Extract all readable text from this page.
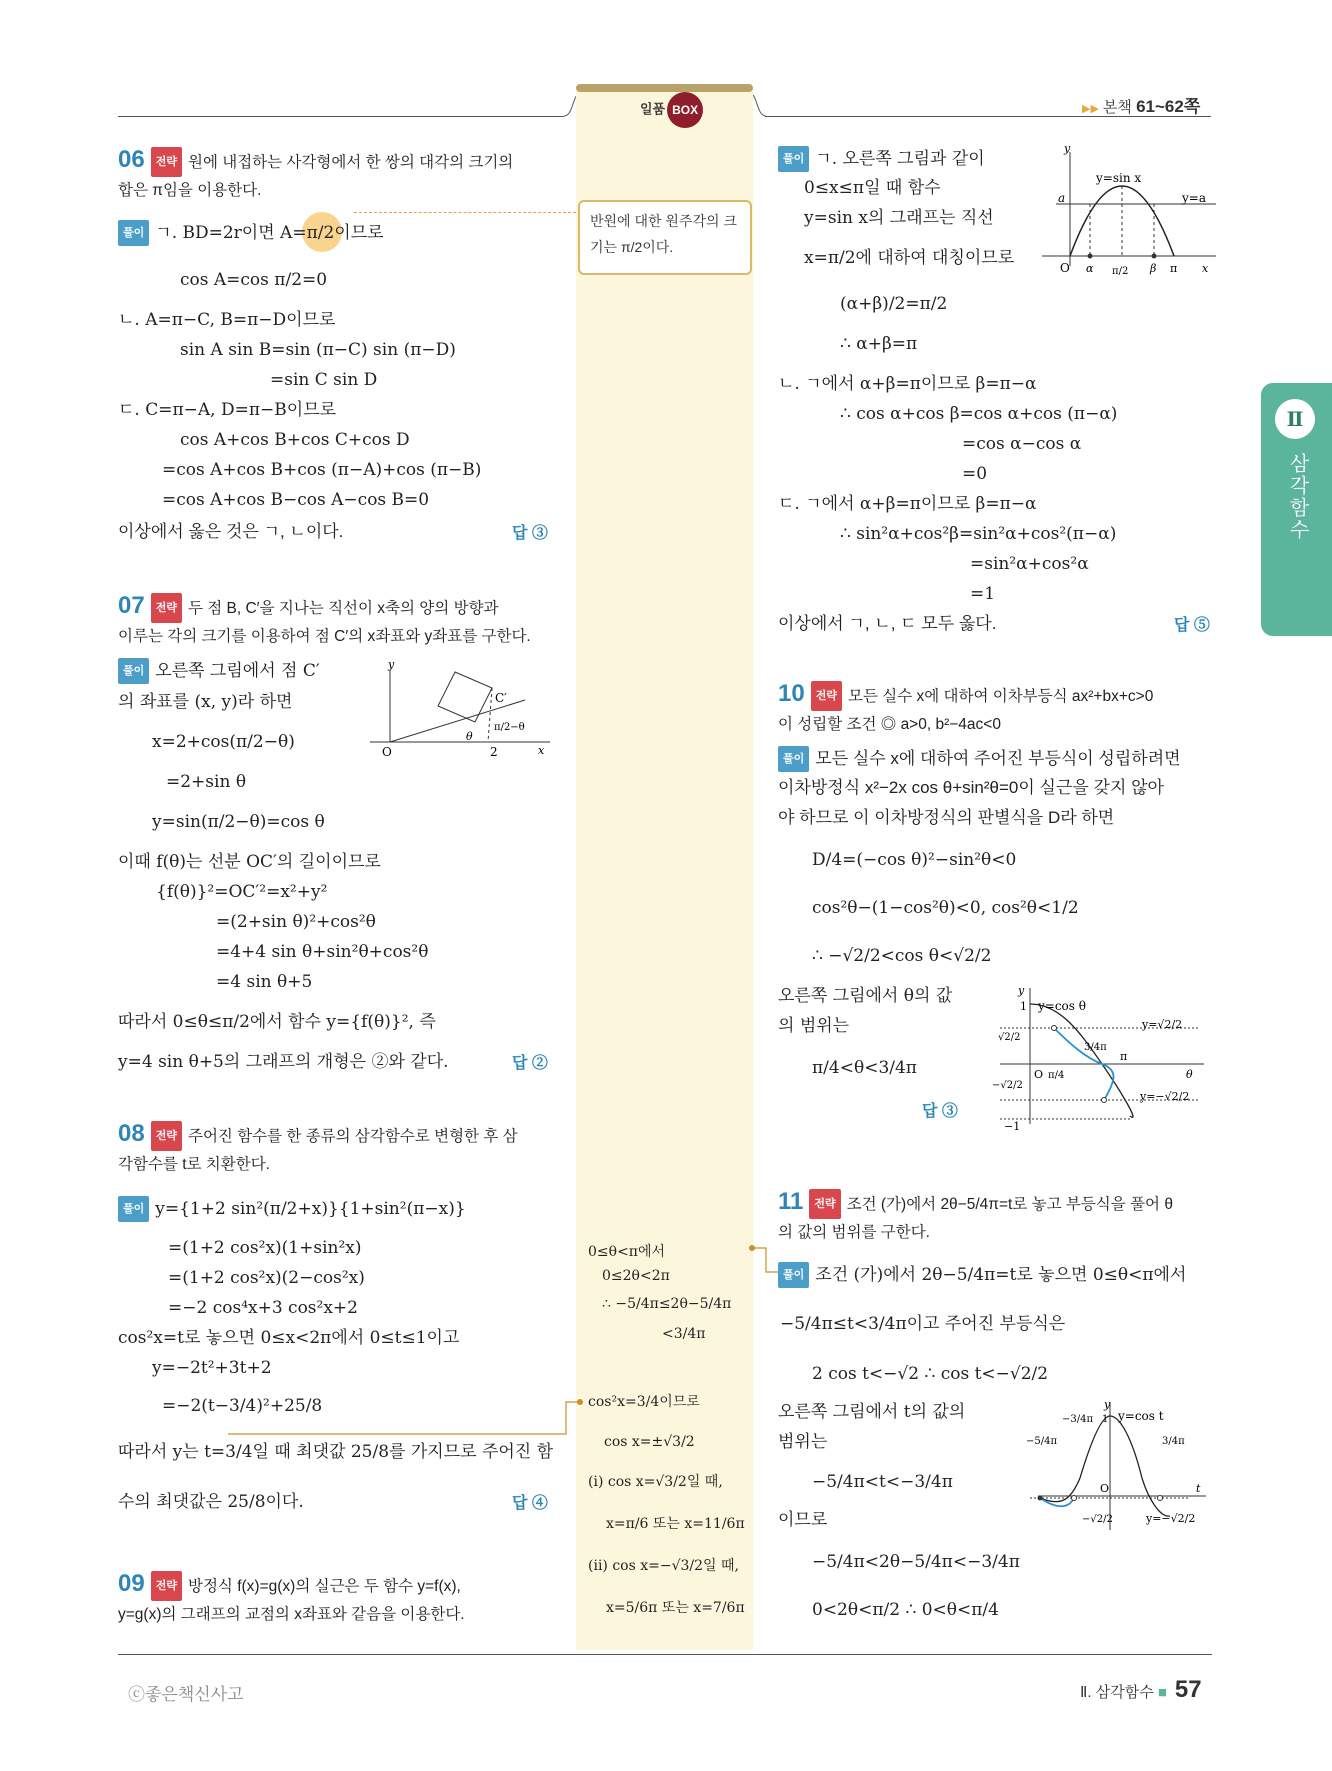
일품 BOX	▶▶ 본책 61~62쪽
Ⅱ
삼각함수
06 전략 원에 내접하는 사각형에서 한 쌍의 대각의 크기의
합은 π임을 이용한다.
풀이 ㄱ. BD=2r이면 A=π/2이므로
반원에 대한 원주각의 크
기는 π/2이다.
cos A=cos π/2=0
ㄴ. A=π−C, B=π−D이므로
sin A sin B=sin (π−C) sin (π−D)
=sin C sin D
ㄷ. C=π−A, D=π−B이므로
cos A+cos B+cos C+cos D
=cos A+cos B+cos (π−A)+cos (π−B)
=cos A+cos B−cos A−cos B=0
이상에서 옳은 것은 ㄱ, ㄴ이다.	답 ③
07 전략 두 점 B, C′을 지나는 직선이 x축의 양의 방향과
이루는 각의 크기를 이용하여 점 C′의 x좌표와 y좌표를 구한다.
풀이 오른쪽 그림에서 점 C′
의 좌표를 (x, y)라 하면
x=2+cos(π/2−θ)
=2+sin θ
y=sin(π/2−θ)=cos θ
이때 f(θ)는 선분 OC′의 길이이므로
{f(θ)}²=OC′²=x²+y²
=(2+sin θ)²+cos²θ
=4+4 sin θ+sin²θ+cos²θ
=4 sin θ+5
따라서 0≤θ≤π/2에서 함수 y={f(θ)}², 즉
y=4 sin θ+5의 그래프의 개형은 ②와 같다.	답 ②
y
O	2	x
C′
θ
π/2−θ
08 전략 주어진 함수를 한 종류의 삼각함수로 변형한 후 삼
각함수를 t로 치환한다.
풀이 y={1+2 sin²(π/2+x)}{1+sin²(π−x)}
=(1+2 cos²x)(1+sin²x)
=(1+2 cos²x)(2−cos²x)
=−2 cos⁴x+3 cos²x+2
cos²x=t로 놓으면 0≤x<2π에서 0≤t≤1이고
y=−2t²+3t+2
=−2(t−3/4)²+25/8
따라서 y는 t=3/4일 때 최댓값 25/8를 가지므로 주어진 함
수의 최댓값은 25/8이다.	답 ④
09 전략 방정식 f(x)=g(x)의 실근은 두 함수 y=f(x),
y=g(x)의 그래프의 교점의 x좌표와 같음을 이용한다.
0≤θ<π에서
0≤2θ<2π
∴ −5/4π≤2θ−5/4π
<3/4π
cos²x=3/4이므로
cos x=±√3/2
(i) cos x=√3/2일 때,
x=π/6 또는 x=11/6π
(ii) cos x=−√3/2일 때,
x=5/6π 또는 x=7/6π
풀이 ㄱ. 오른쪽 그림과 같이
0≤x≤π일 때 함수
y=sin x의 그래프는 직선
x=π/2에 대하여 대칭이므로
(α+β)/2=π/2
∴ α+β=π
ㄴ. ㄱ에서 α+β=π이므로 β=π−α
∴ cos α+cos β=cos α+cos (π−α)
=cos α−cos α
=0
ㄷ. ㄱ에서 α+β=π이므로 β=π−α
∴ sin²α+cos²β=sin²α+cos²(π−α)
=sin²α+cos²α
=1
이상에서 ㄱ, ㄴ, ㄷ 모두 옳다.	답 ⑤
y
y=sin x
a	y=a
O α π/2 β π x
10 전략 모든 실수 x에 대하여 이차부등식 ax²+bx+c>0
이 성립할 조건 ◎ a>0, b²−4ac<0
풀이 모든 실수 x에 대하여 주어진 부등식이 성립하려면
이차방정식 x²−2x cos θ+sin²θ=0이 실근을 갖지 않아
야 하므로 이 이차방정식의 판별식을 D라 하면
D/4=(−cos θ)²−sin²θ<0
cos²θ−(1−cos²θ)<0, cos²θ<1/2
∴ −√2/2<cos θ<√2/2
오른쪽 그림에서 θ의 값
의 범위는
π/4<θ<3/4π
답 ③
y
1 y=cos θ
y=√2/2
√2/2
O π/4
3/4π
π
θ
−√2/2
y=−√2/2
−1
11 전략 조건 (가)에서 2θ−5/4π=t로 놓고 부등식을 풀어 θ
의 값의 범위를 구한다.
풀이 조건 (가)에서 2θ−5/4π=t로 놓으면 0≤θ<π에서
−5/4π≤t<3/4π이고 주어진 부등식은
2 cos t<−√2 ∴ cos t<−√2/2
오른쪽 그림에서 t의 값의
범위는
−5/4π<t<−3/4π
이므로
−5/4π<2θ−5/4π<−3/4π
0<2θ<π/2 ∴ 0<θ<π/4
y
y=cos t
1
−3/4π
−5/4π	3/4π
O	t
−√2/2	y=−√2/2
ⓒ좋은책신사고	Ⅱ. 삼각함수 ■ 57
